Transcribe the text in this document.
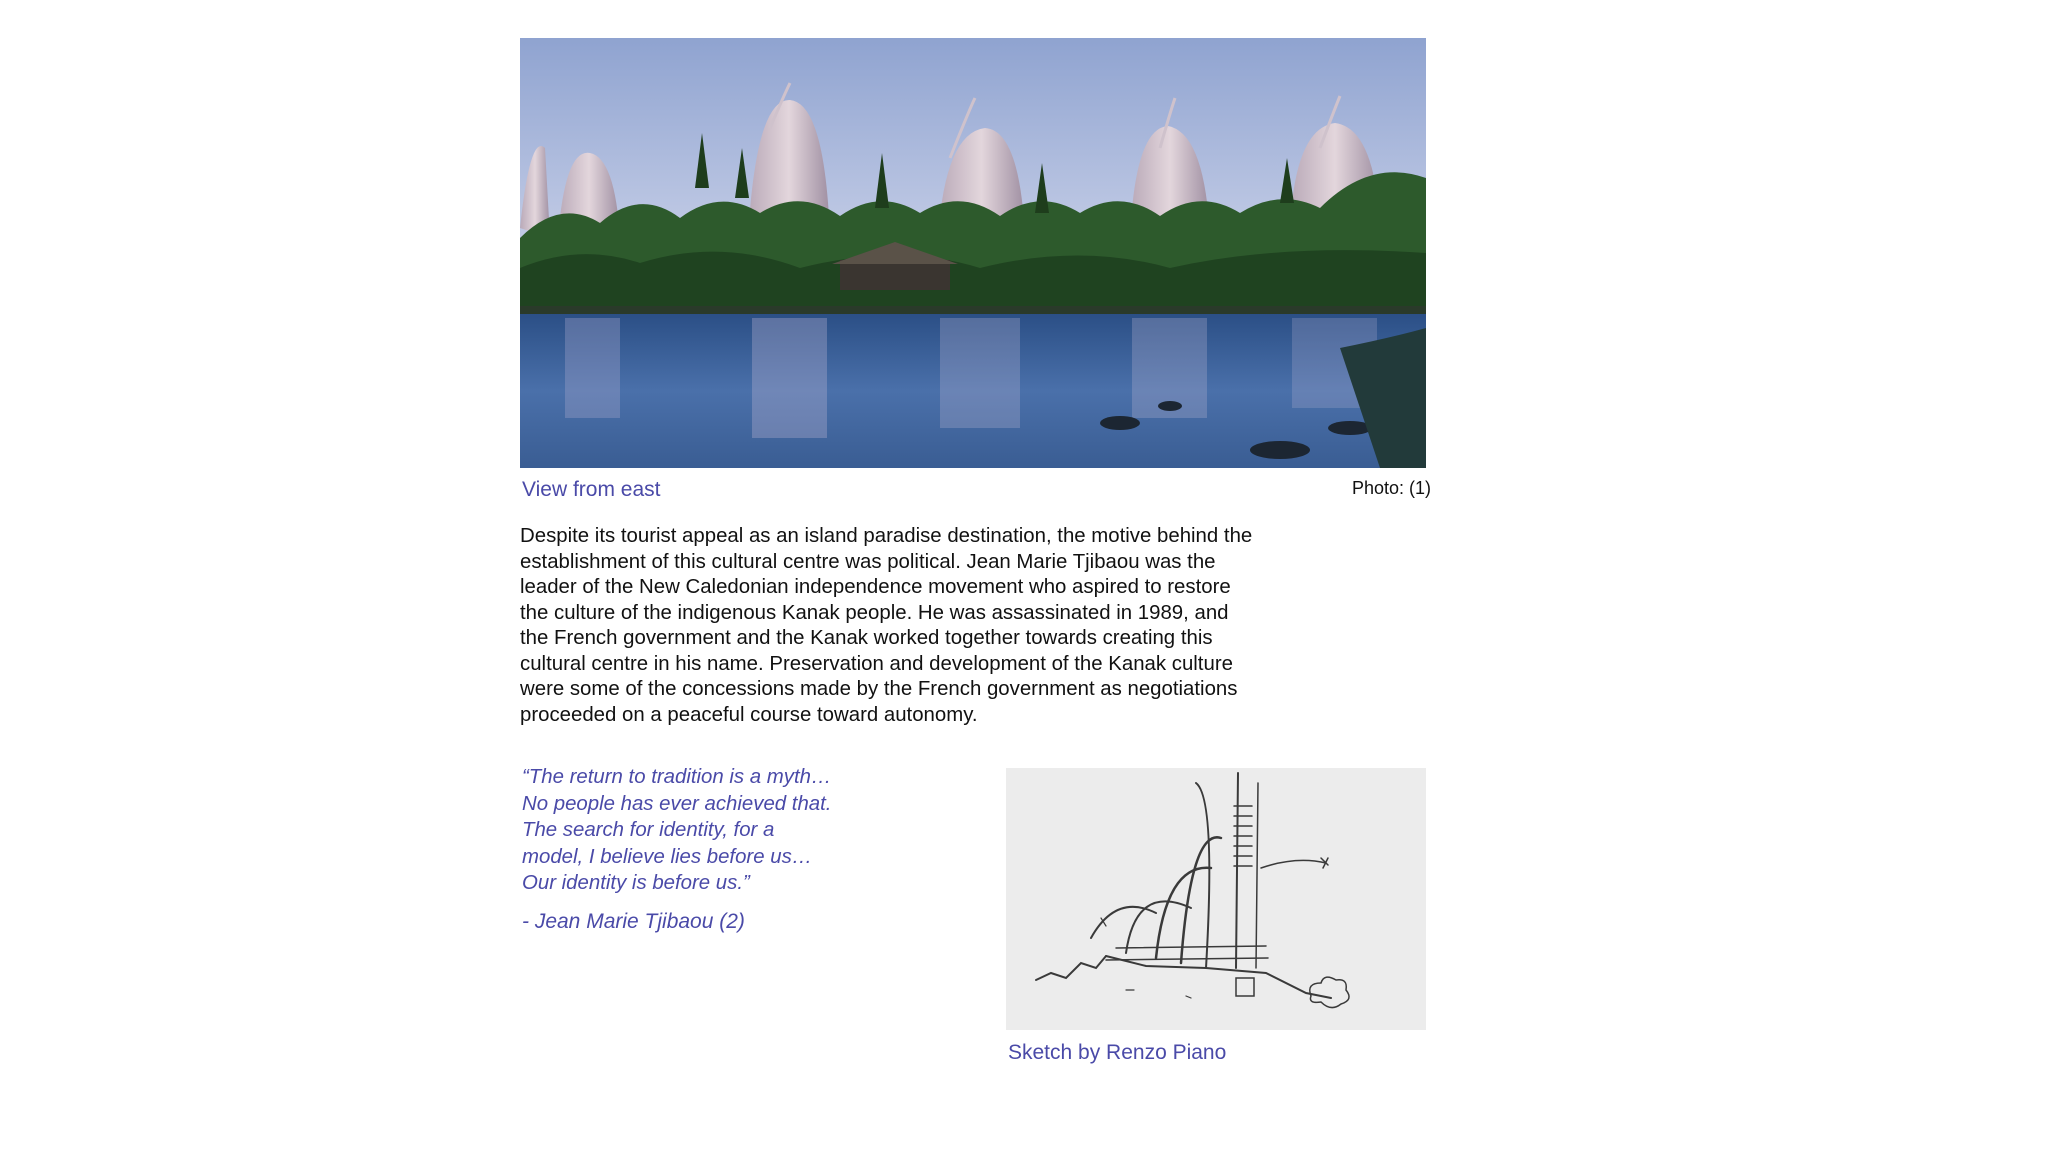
View from east	Photo: (1)
Despite its tourist appeal as an island paradise destination, the motive behind the
establishment of this cultural centre was political. Jean Marie Tjibaou was the
leader of the New Caledonian independence movement who aspired to restore
the culture of the indigenous Kanak people. He was assassinated in 1989, and
the French government and the Kanak worked together towards creating this
cultural centre in his name. Preservation and development of the Kanak culture
were some of the concessions made by the French government as negotiations
proceeded on a peaceful course toward autonomy.
“The return to tradition is a myth…
No people has ever achieved that.
The search for identity, for a
model, I believe lies before us…
Our identity is before us.”
- Jean Marie Tjibaou (2)
Sketch by Renzo Piano
